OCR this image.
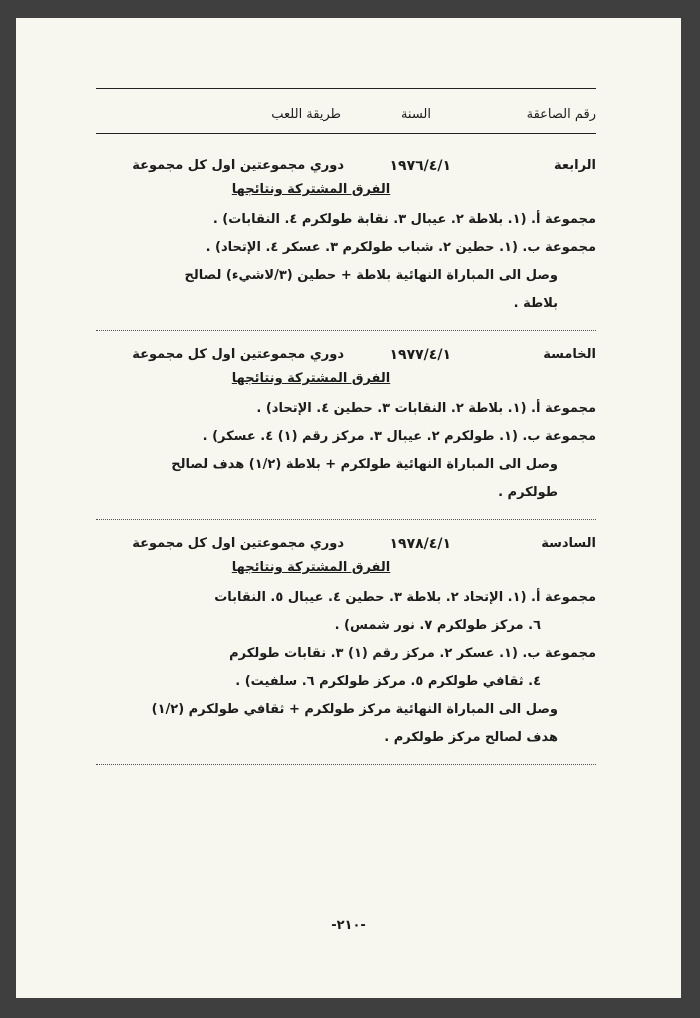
رقم الصاعقة
السنة
طريقة اللعب
الرابعة
١٩٧٦/٤/١
دوري مجموعتين اول كل مجموعة

الفرق المشتركة ونتائجها

مجموعة أ. (١. بلاطة ٢. عيبال ٣. نقابة طولكرم ٤. النقابات) .

مجموعة ب. (١. حطين ٢. شباب طولكرم ٣. عسكر ٤. الإتحاد) .

وصل الى المباراة النهائية بلاطة + حطين (٣/لاشيء) لصالح

بلاطة .

الخامسة
١٩٧٧/٤/١
دوري مجموعتين اول كل مجموعة

الفرق المشتركة ونتائجها

مجموعة أ. (١. بلاطة ٢. النقابات ٣. حطين ٤. الإتحاد) .

مجموعة ب. (١. طولكرم ٢. عيبال ٣. مركز رقم (١) ٤. عسكر) .

وصل الى المباراة النهائية طولكرم + بلاطة (١/٢) هدف لصالح

طولكرم .

السادسة
١٩٧٨/٤/١
دوري مجموعتين اول كل مجموعة

الفرق المشتركة ونتائجها

مجموعة أ. (١. الإتحاد ٢. بلاطة ٣. حطين ٤. عيبال ٥. النقابات

٦. مركز طولكرم ٧. نور شمس) .

مجموعة ب. (١. عسكر ٢. مركز رقم (١) ٣. نقابات طولكرم

٤. ثقافي طولكرم ٥. مركز طولكرم ٦. سلفيت) .

وصل الى المباراة النهائية مركز طولكرم + ثقافي طولكرم (١/٢)

هدف لصالح مركز طولكرم .

-٢١٠-
